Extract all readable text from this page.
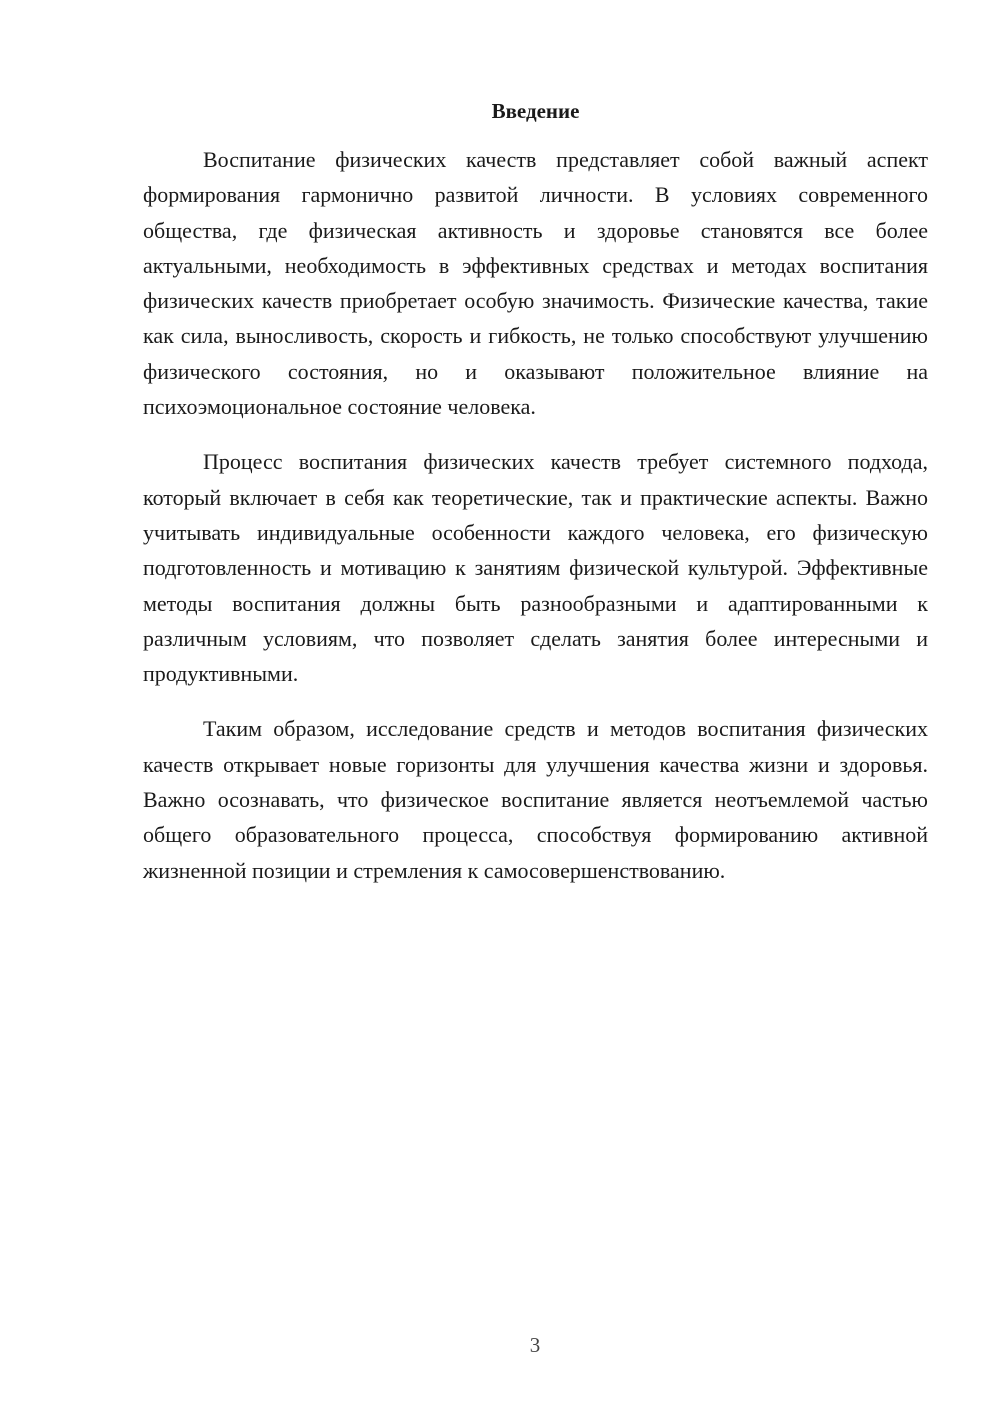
Введение

Воспитание физических качеств представляет собой важный аспект формирования гармонично развитой личности. В условиях современного общества, где физическая активность и здоровье становятся все более актуальными, необходимость в эффективных средствах и методах воспитания физических качеств приобретает особую значимость. Физические качества, такие как сила, выносливость, скорость и гибкость, не только способствуют улучшению физического состояния, но и оказывают положительное влияние на психоэмоциональное состояние человека.

Процесс воспитания физических качеств требует системного подхода, который включает в себя как теоретические, так и практические аспекты. Важно учитывать индивидуальные особенности каждого человека, его физическую подготовленность и мотивацию к занятиям физической культурой. Эффективные методы воспитания должны быть разнообразными и адаптированными к различным условиям, что позволяет сделать занятия более интересными и продуктивными.

Таким образом, исследование средств и методов воспитания физических качеств открывает новые горизонты для улучшения качества жизни и здоровья. Важно осознавать, что физическое воспитание является неотъемлемой частью общего образовательного процесса, способствуя формированию активной жизненной позиции и стремления к самосовершенствованию.

3
